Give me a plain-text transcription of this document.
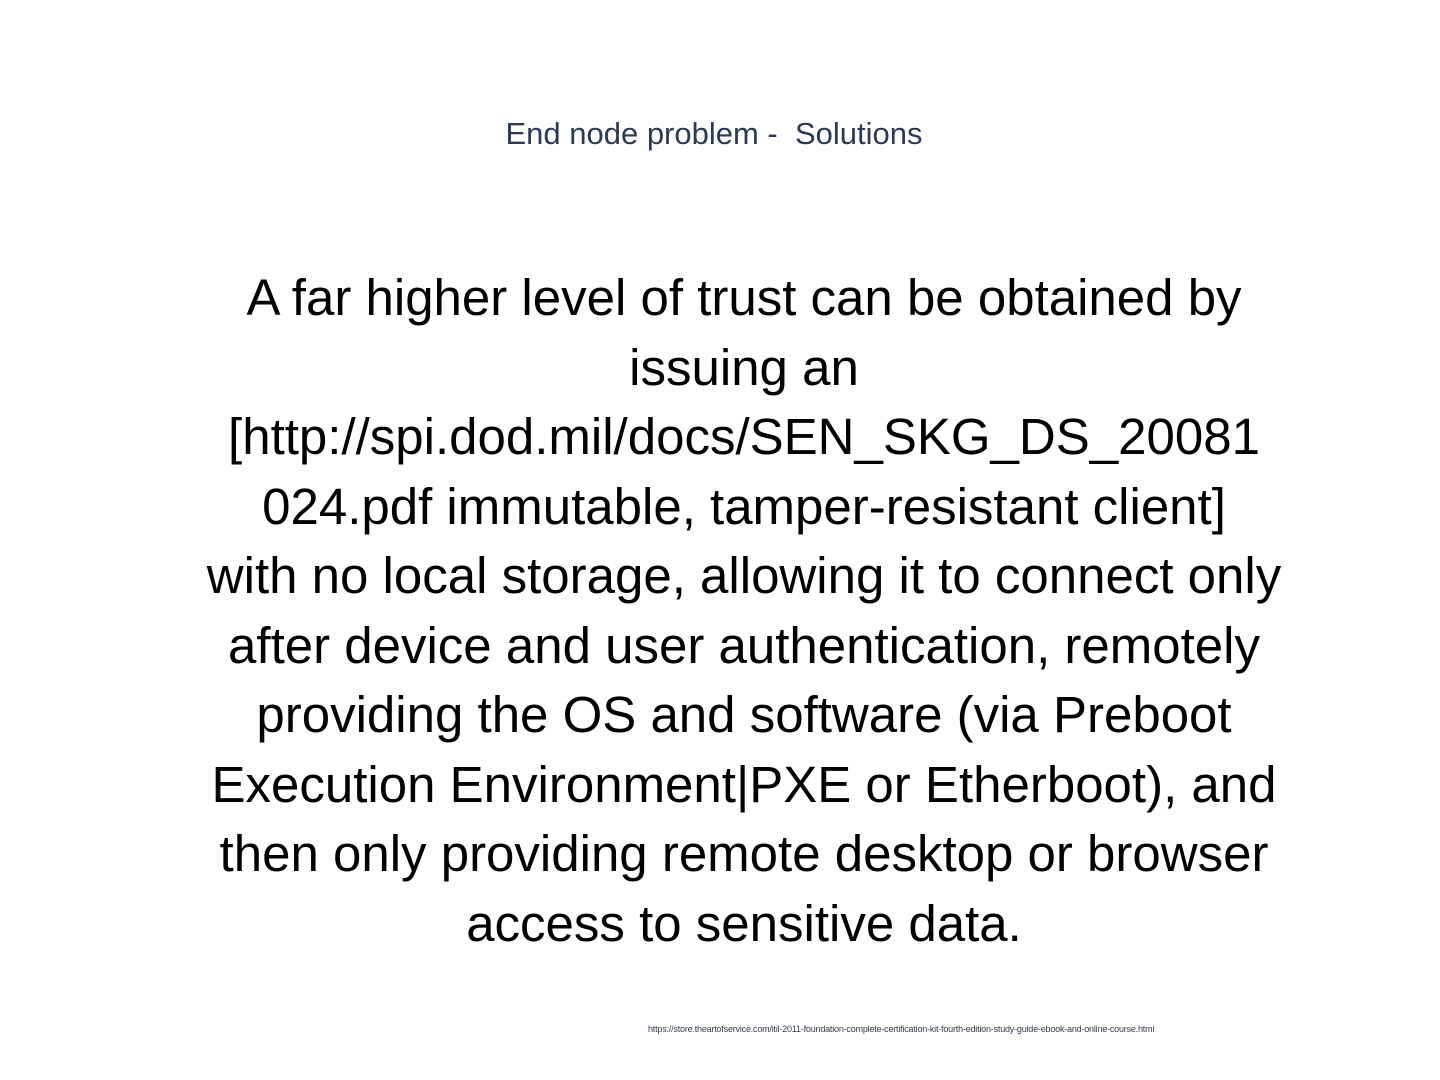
End node problem -  Solutions
A far higher level of trust can be obtained by
issuing an
[http://spi.dod.mil/docs/SEN_SKG_DS_20081
024.pdf immutable, tamper-resistant client]
with no local storage, allowing it to connect only
after device and user authentication, remotely
providing the OS and software (via Preboot
Execution Environment|PXE or Etherboot), and
then only providing remote desktop or browser
access to sensitive data.
https://store.theartofservice.com/itil-2011-foundation-complete-certification-kit-fourth-edition-study-guide-ebook-and-online-course.html
